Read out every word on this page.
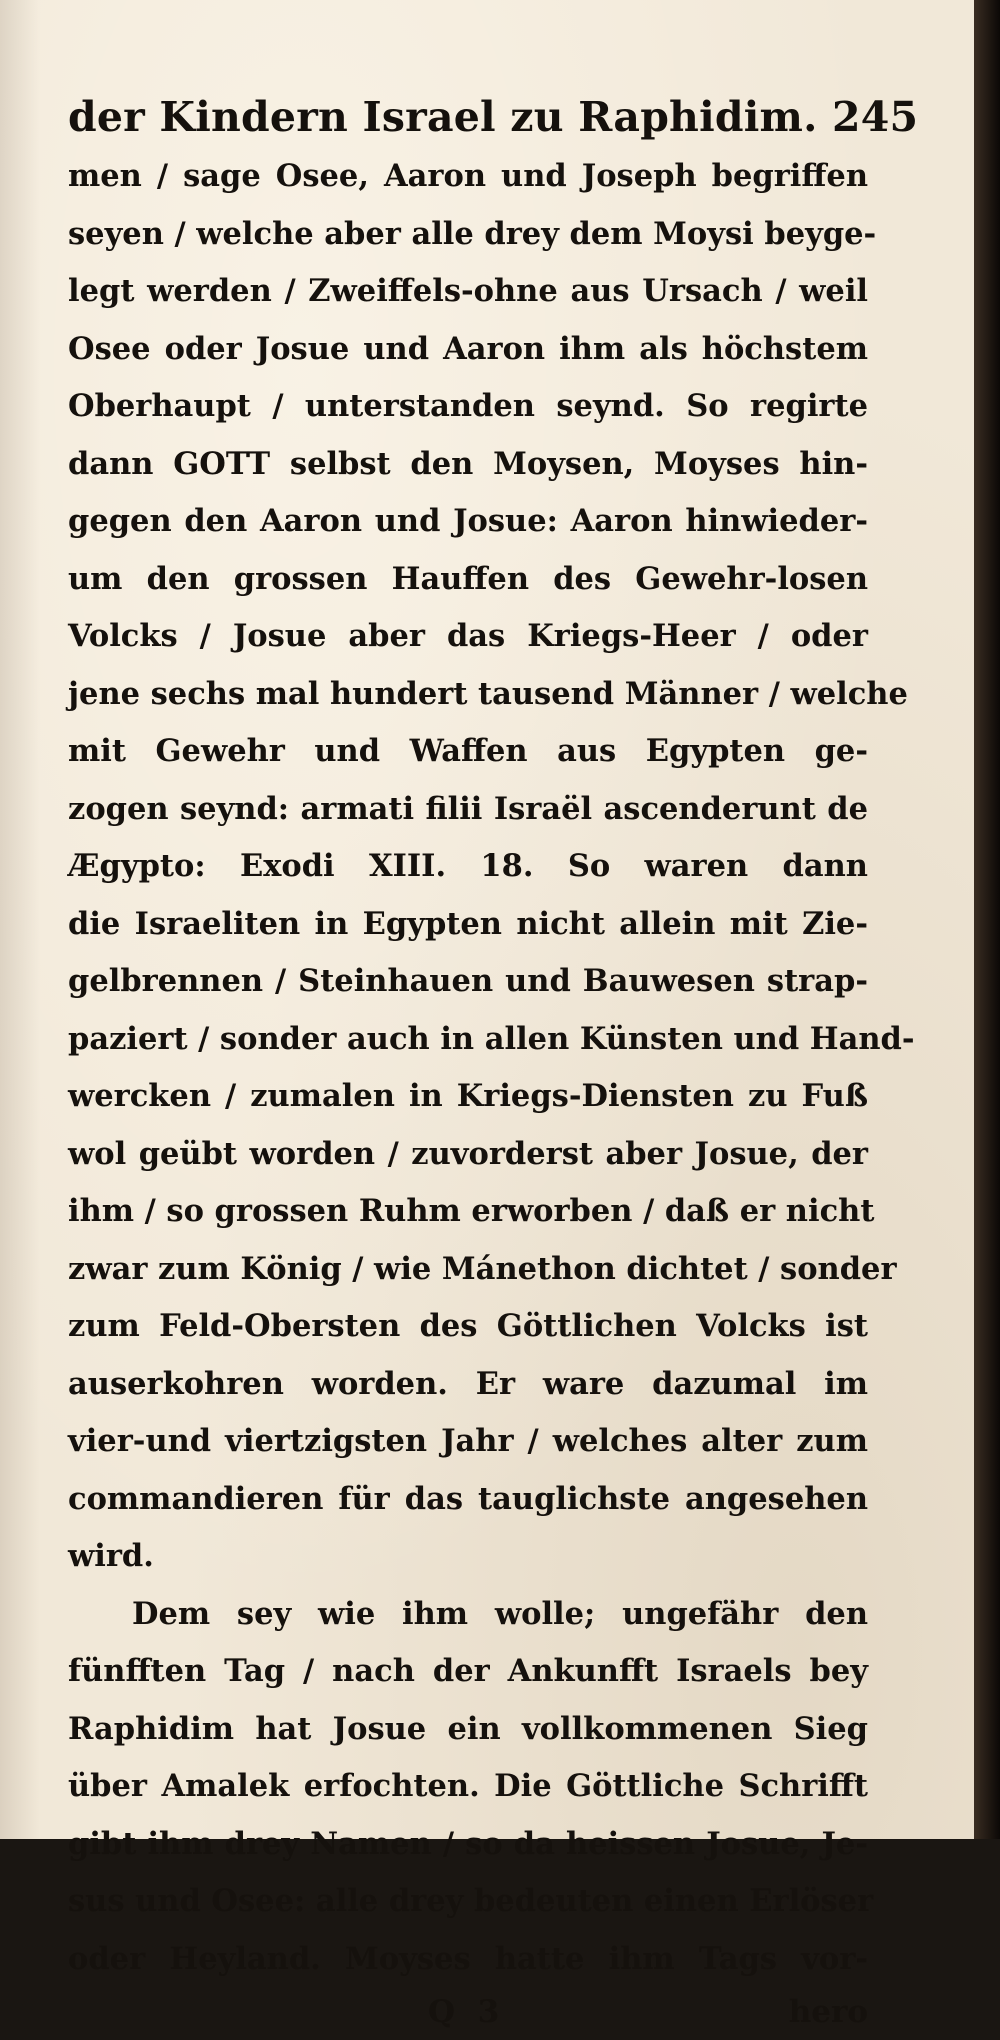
der Kindern Israel zu Raphidim. 245
men / sage Osee, Aaron und Joseph begriffen
seyen / welche aber alle drey dem Moysi beyge-
legt werden / Zweiffels-ohne aus Ursach / weil
Osee oder Josue und Aaron ihm als höchstem
Oberhaupt / unterstanden seynd. So regirte
dann GOTT selbst den Moysen, Moyses hin-
gegen den Aaron und Josue: Aaron hinwieder-
um den grossen Hauffen des Gewehr-losen
Volcks / Josue aber das Kriegs-Heer / oder
jene sechs mal hundert tausend Männer / welche
mit Gewehr und Waffen aus Egypten ge-
zogen seynd: armati filii Israël ascenderunt de
Ægypto: Exodi XIII. 18. So waren dann
die Israeliten in Egypten nicht allein mit Zie-
gelbrennen / Steinhauen und Bauwesen strap-
paziert / sonder auch in allen Künsten und Hand-
wercken / zumalen in Kriegs-Diensten zu Fuß
wol geübt worden / zuvorderst aber Josue, der
ihm / so grossen Ruhm erworben / daß er nicht
zwar zum König / wie Mánethon dichtet / sonder
zum Feld-Obersten des Göttlichen Volcks ist
auserkohren worden. Er ware dazumal im
vier-und viertzigsten Jahr / welches alter zum
commandieren für das tauglichste angesehen
wird.
Dem sey wie ihm wolle; ungefähr den
fünfften Tag / nach der Ankunfft Israels bey
Raphidim hat Josue ein vollkommenen Sieg
über Amalek erfochten. Die Göttliche Schrifft
gibt ihm drey Namen / so da heissen Josue, Je-
sus und Osee: alle drey bedeuten einen Erlöser
oder Heyland. Moyses hatte ihm Tags vor-
Q 3	hero
